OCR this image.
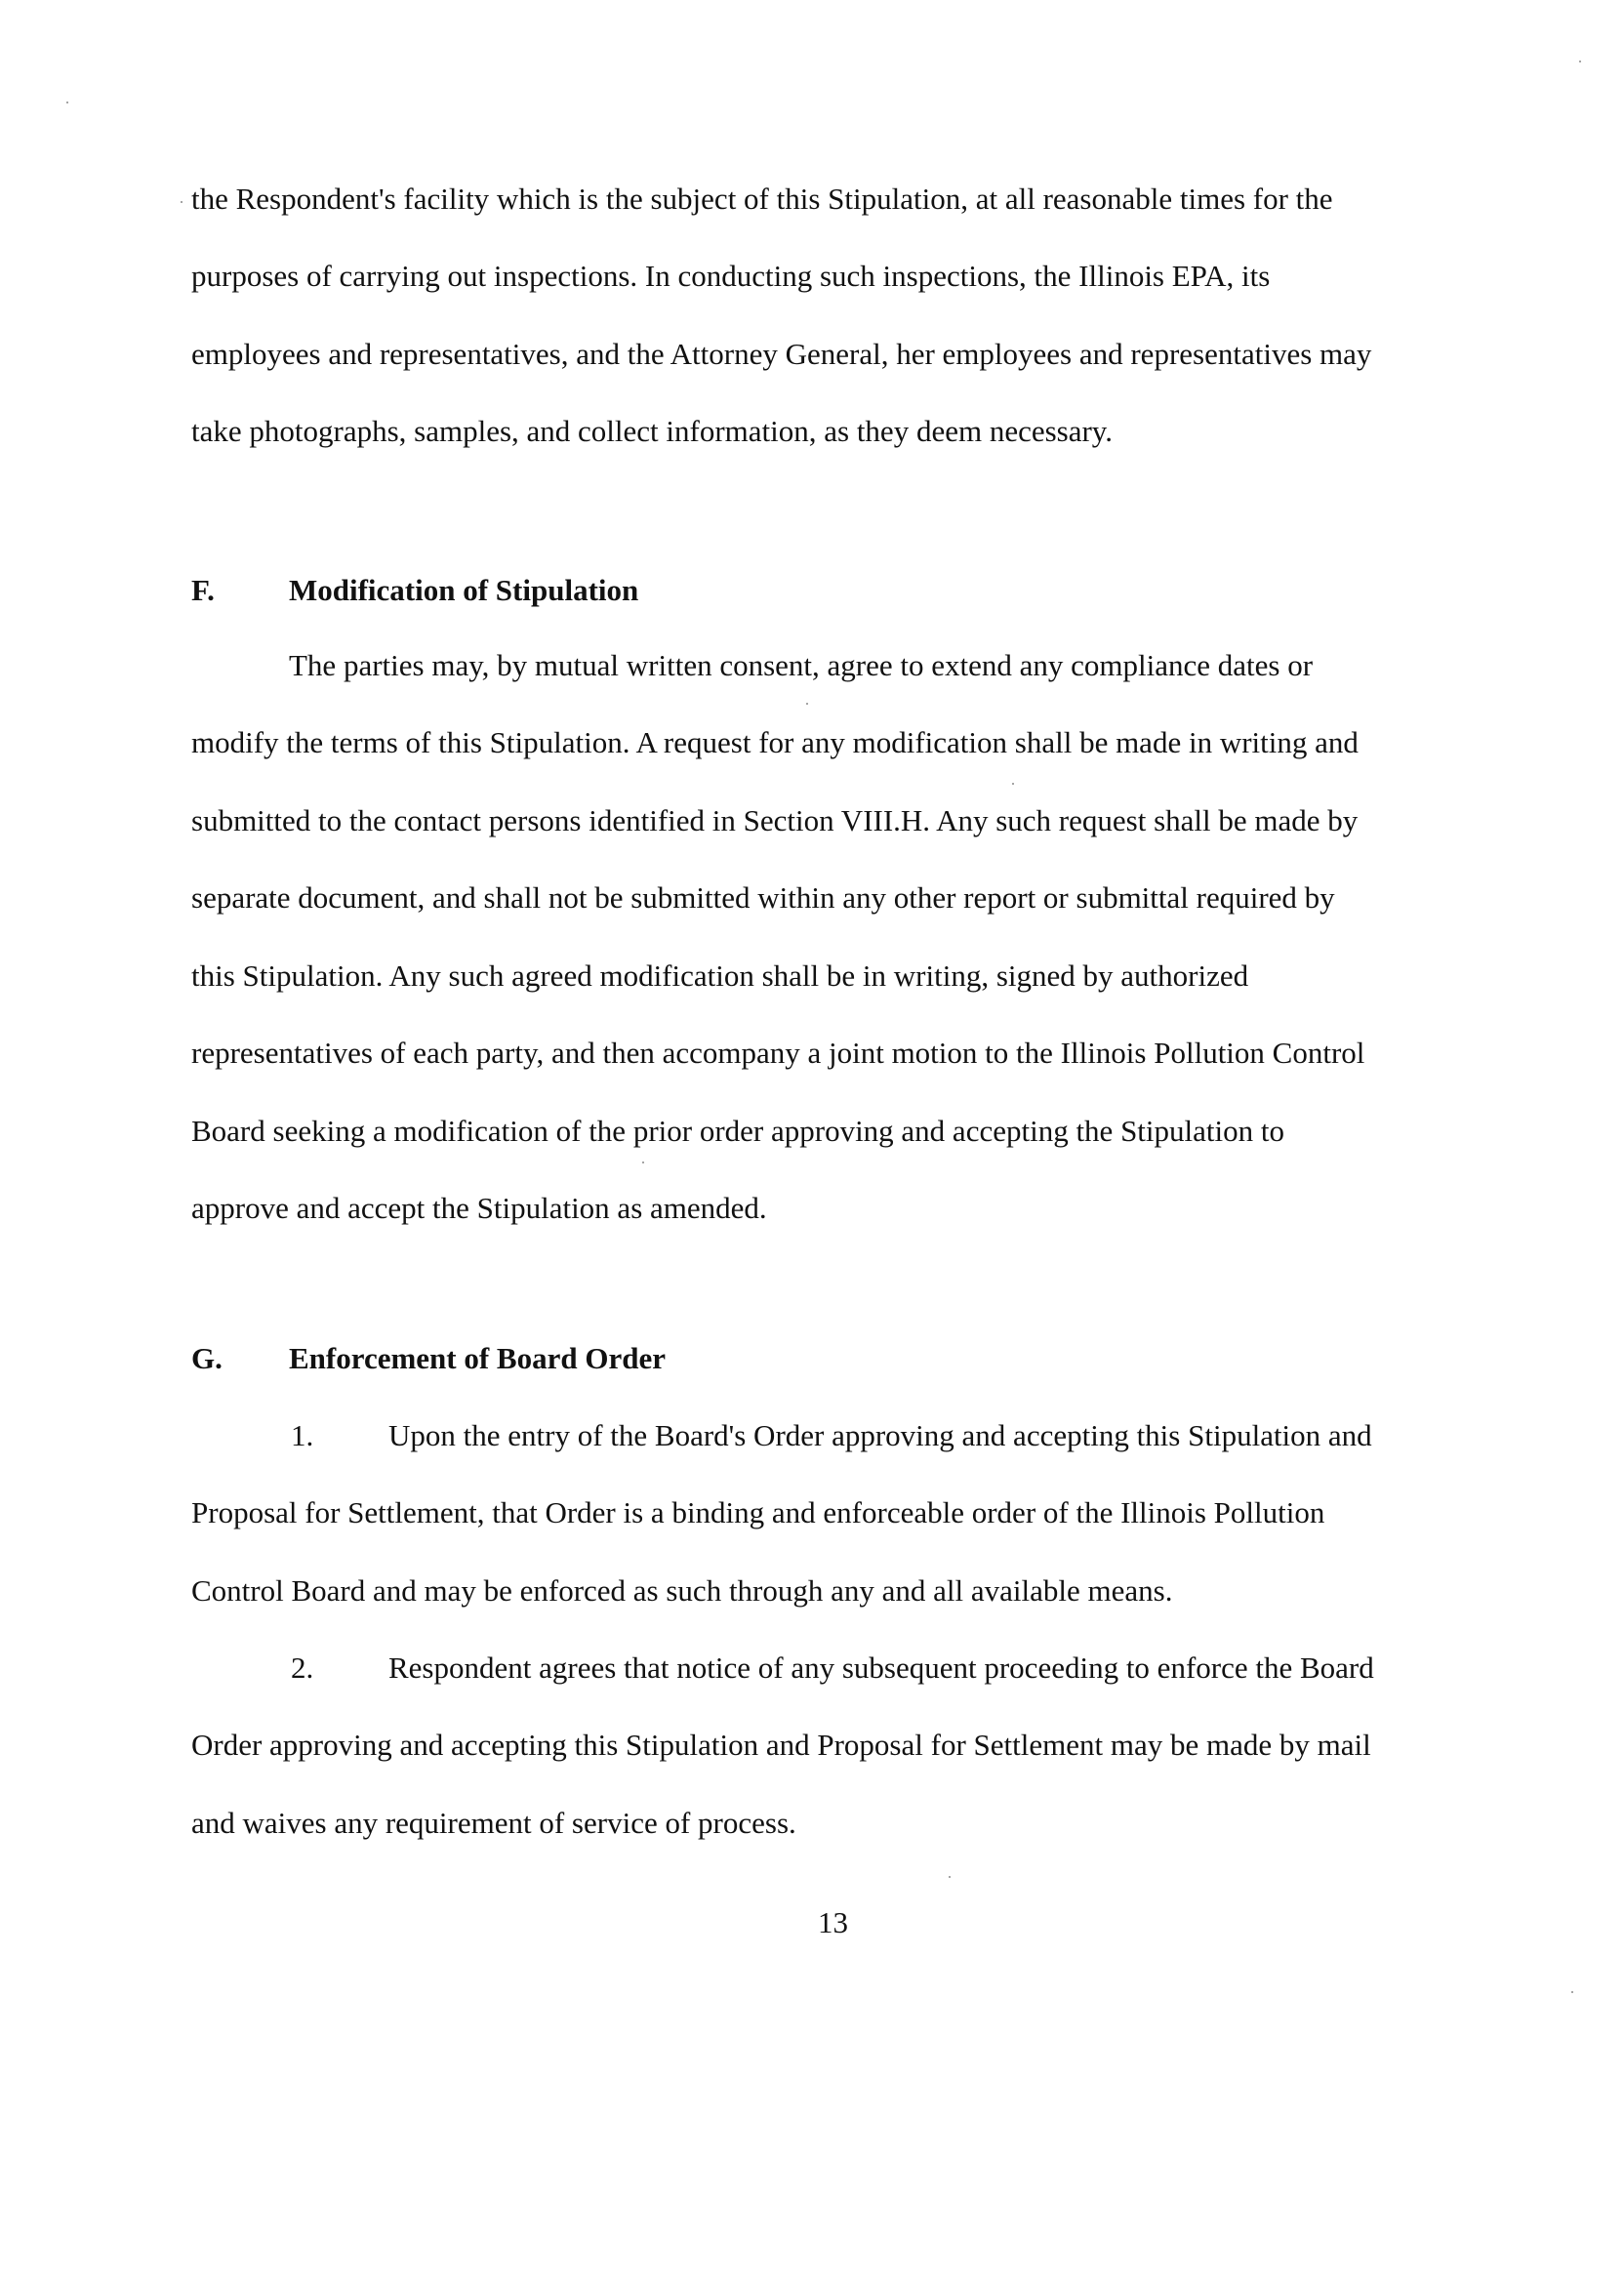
the Respondent's facility which is the subject of this Stipulation, at all reasonable times for the
purposes of carrying out inspections. In conducting such inspections, the Illinois EPA, its
employees and representatives, and the Attorney General, her employees and representatives may
take photographs, samples, and collect information, as they deem necessary.
F. Modification of Stipulation
The parties may, by mutual written consent, agree to extend any compliance dates or
modify the terms of this Stipulation. A request for any modification shall be made in writing and
submitted to the contact persons identified in Section VIII.H. Any such request shall be made by
separate document, and shall not be submitted within any other report or submittal required by
this Stipulation. Any such agreed modification shall be in writing, signed by authorized
representatives of each party, and then accompany a joint motion to the Illinois Pollution Control
Board seeking a modification of the prior order approving and accepting the Stipulation to
approve and accept the Stipulation as amended.
G. Enforcement of Board Order
1. Upon the entry of the Board's Order approving and accepting this Stipulation and
Proposal for Settlement, that Order is a binding and enforceable order of the Illinois Pollution
Control Board and may be enforced as such through any and all available means.
2. Respondent agrees that notice of any subsequent proceeding to enforce the Board
Order approving and accepting this Stipulation and Proposal for Settlement may be made by mail
and waives any requirement of service of process.
13
